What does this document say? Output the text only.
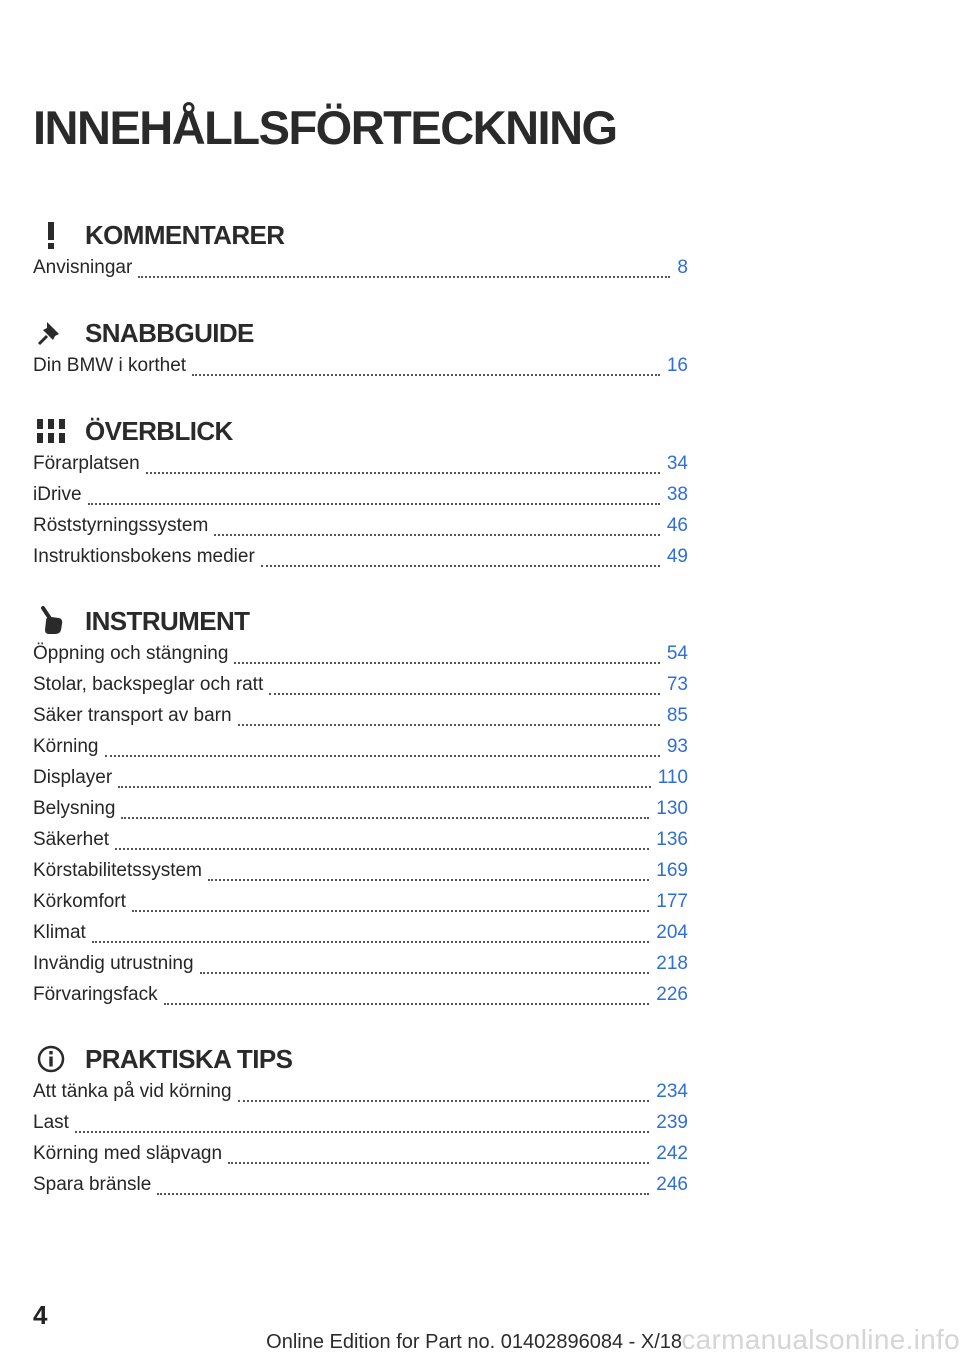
INNEHÅLLSFÖRTECKNING
KOMMENTARER
Anvisningar	8
SNABBGUIDE
Din BMW i korthet	16
ÖVERBLICK
Förarplatsen	34
iDrive	38
Röststyrningssystem	46
Instruktionsbokens medier	49
INSTRUMENT
Öppning och stängning	54
Stolar, backspeglar och ratt	73
Säker transport av barn	85
Körning	93
Displayer	110
Belysning	130
Säkerhet	136
Körstabilitetssystem	169
Körkomfort	177
Klimat	204
Invändig utrustning	218
Förvaringsfack	226
PRAKTISKA TIPS
Att tänka på vid körning	234
Last	239
Körning med släpvagn	242
Spara bränsle	246
4
carmanualsonline.info
Online Edition for Part no. 01402896084 - X/18
